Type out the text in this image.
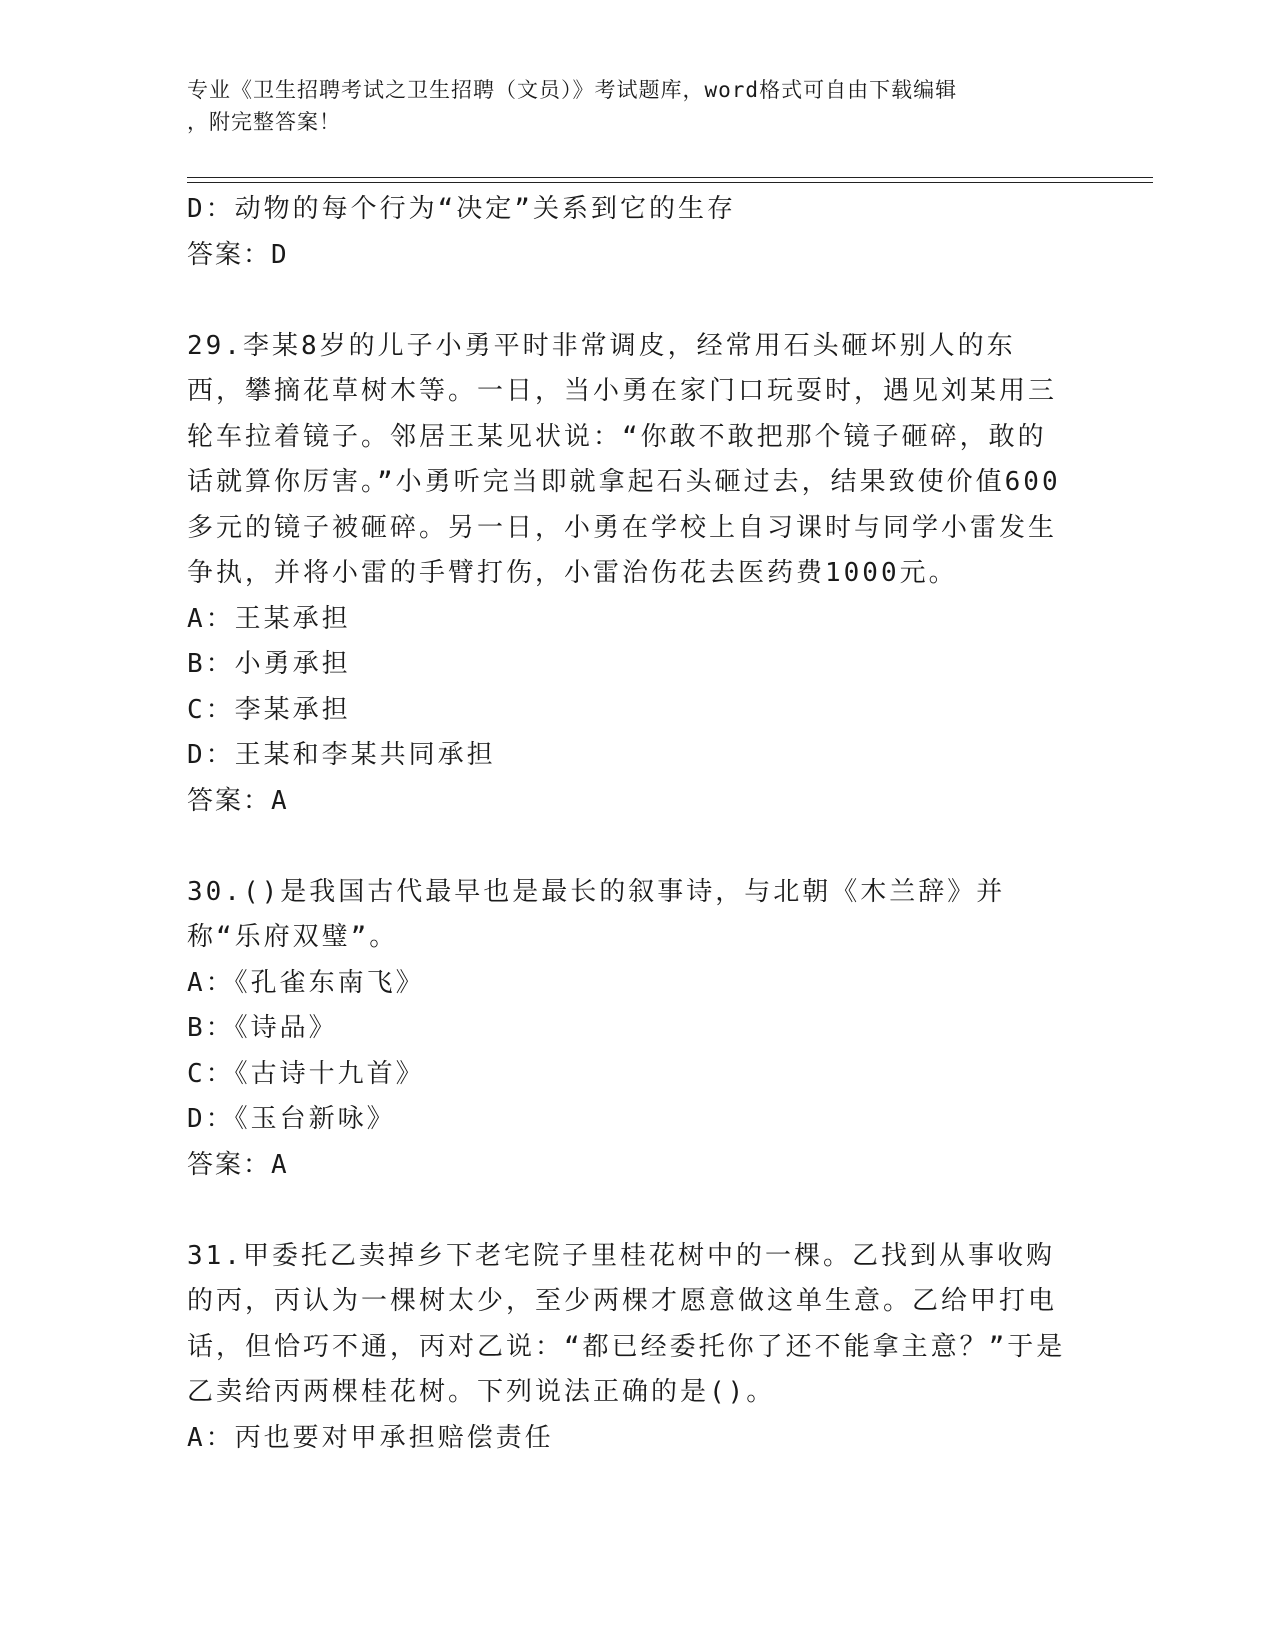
专业《卫生招聘考试之卫生招聘（文员）》考试题库，word格式可自由下载编辑
，附完整答案！

D：动物的每个行为“决定”关系到它的生存

答案：D

29.李某8岁的儿子小勇平时非常调皮，经常用石头砸坏别人的东西，攀摘花草树木等。一日，当小勇在家门口玩耍时，遇见刘某用三轮车拉着镜子。邻居王某见状说：“你敢不敢把那个镜子砸碎，敢的话就算你厉害。”小勇听完当即就拿起石头砸过去，结果致使价值600多元的镜子被砸碎。另一日，小勇在学校上自习课时与同学小雷发生争执，并将小雷的手臂打伤，小雷治伤花去医药费1000元。

A：王某承担

B：小勇承担

C：李某承担

D：王某和李某共同承担

答案：A

30.()是我国古代最早也是最长的叙事诗，与北朝《木兰辞》并称“乐府双璧”。

A：《孔雀东南飞》

B：《诗品》

C：《古诗十九首》

D：《玉台新咏》

答案：A

31.甲委托乙卖掉乡下老宅院子里桂花树中的一棵。乙找到从事收购的丙，丙认为一棵树太少，至少两棵才愿意做这单生意。乙给甲打电话，但恰巧不通，丙对乙说：“都已经委托你了还不能拿主意？”于是乙卖给丙两棵桂花树。下列说法正确的是()。

A：丙也要对甲承担赔偿责任
